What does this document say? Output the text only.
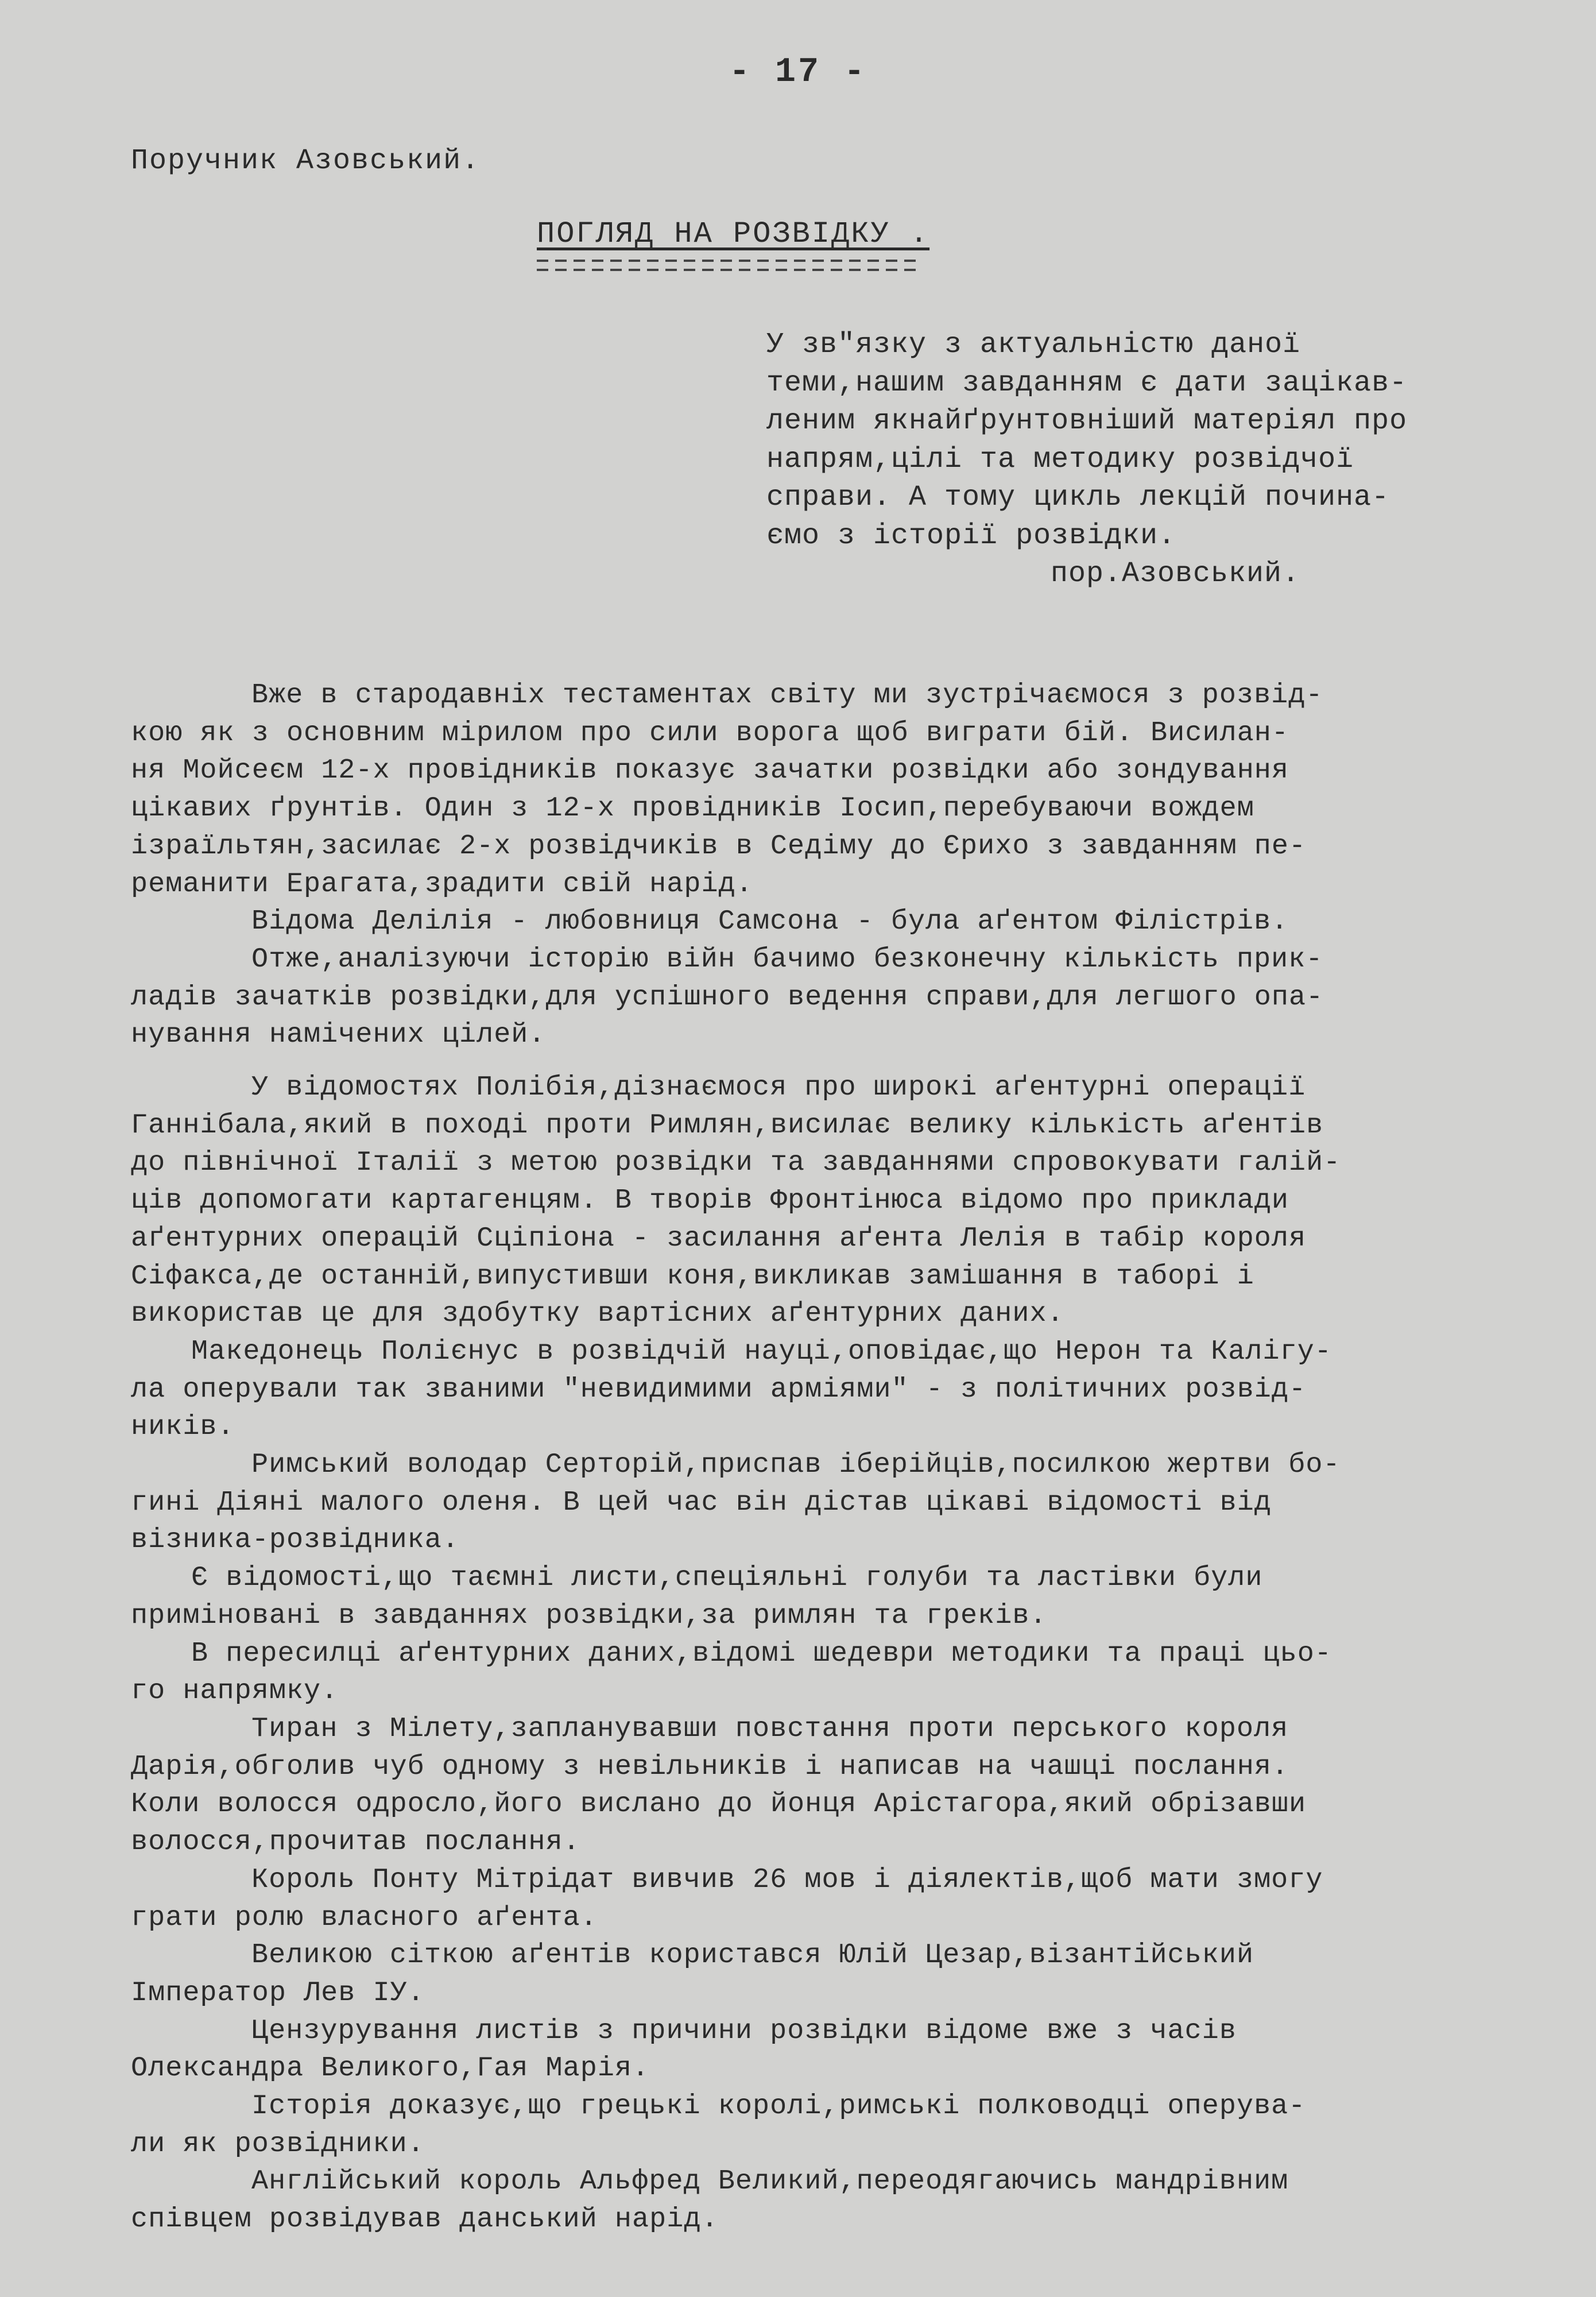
- 17 -
Поручник Азовський.
ПОГЛЯД НА РОЗВІДКУ .
У зв"язку з актуальністю даної
теми,нашим завданням є дати зацікав-
леним якнайґрунтовніший матеріял про
напрям,цілі та методику розвідчої
справи. А тому цикль лекцій почина-
ємо з історії розвідки.
пор.Азовський.
Вже в стародавніх тестаментах світу ми зустрічаємося з розвід-
кою як з основним мірилом про сили ворога щоб виграти бій. Висилан-
ня Мойсеєм 12-х провідників показує зачатки розвідки або зондування
цікавих ґрунтів. Один з 12-х провідників Іосип,перебуваючи вождем
ізраїльтян,засилає 2-х розвідчиків в Седіму до Єрихо з завданням пе-
реманити Ерагата,зрадити свій нарід.
Відома Делілія - любовниця Самсона - була аґентом Філістрів.
Отже,аналізуючи історію війн бачимо безконечну кількість прик-
ладів зачатків розвідки,для успішного ведення справи,для легшого опа-
нування намічених цілей.
У відомостях Полібія,дізнаємося про широкі аґентурні операції
Ганнібала,який в поході проти Римлян,висилає велику кількість аґентів
до північної Італії з метою розвідки та завданнями спровокувати галій-
ців допомогати картагенцям. В творів Фронтінюса відомо про приклади
аґентурних операцій Сціпіона - засилання аґента Лелія в табір короля
Сіфакса,де останній,випустивши коня,викликав замішання в таборі і
використав це для здобутку вартісних аґентурних даних.
Македонець Полієнус в розвідчій науці,оповідає,що Нерон та Калігу-
ла оперували так званими "невидимими арміями" - з політичних розвід-
ників.
Римський володар Серторій,приспав іберійців,посилкою жертви бо-
гині Діяні малого оленя. В цей час він дістав цікаві відомості від
візника-розвідника.
Є відомості,що таємні листи,спеціяльні голуби та ластівки були
приміновані в завданнях розвідки,за римлян та греків.
В пересилці аґентурних даних,відомі шедеври методики та праці цьо-
го напрямку.
Тиран з Мілету,запланувавши повстання проти перського короля
Дарія,обголив чуб одному з невільників і написав на чашці послання.
Коли волосся одросло,його вислано до йонця Арістагора,який обрізавши
волосся,прочитав послання.
Король Понту Мітрідат вивчив 26 мов і діялектів,щоб мати змогу
грати ролю власного аґента.
Великою сіткою аґентів користався Юлій Цезар,візантійський
Імператор Лев ІУ.
Цензурування листів з причини розвідки відоме вже з часів
Олександра Великого,Гая Марія.
Історія доказує,що грецькі королі,римські полководці оперува-
ли як розвідники.
Англійський король Альфред Великий,переодягаючись мандрівним
співцем розвідував данський нарід.
